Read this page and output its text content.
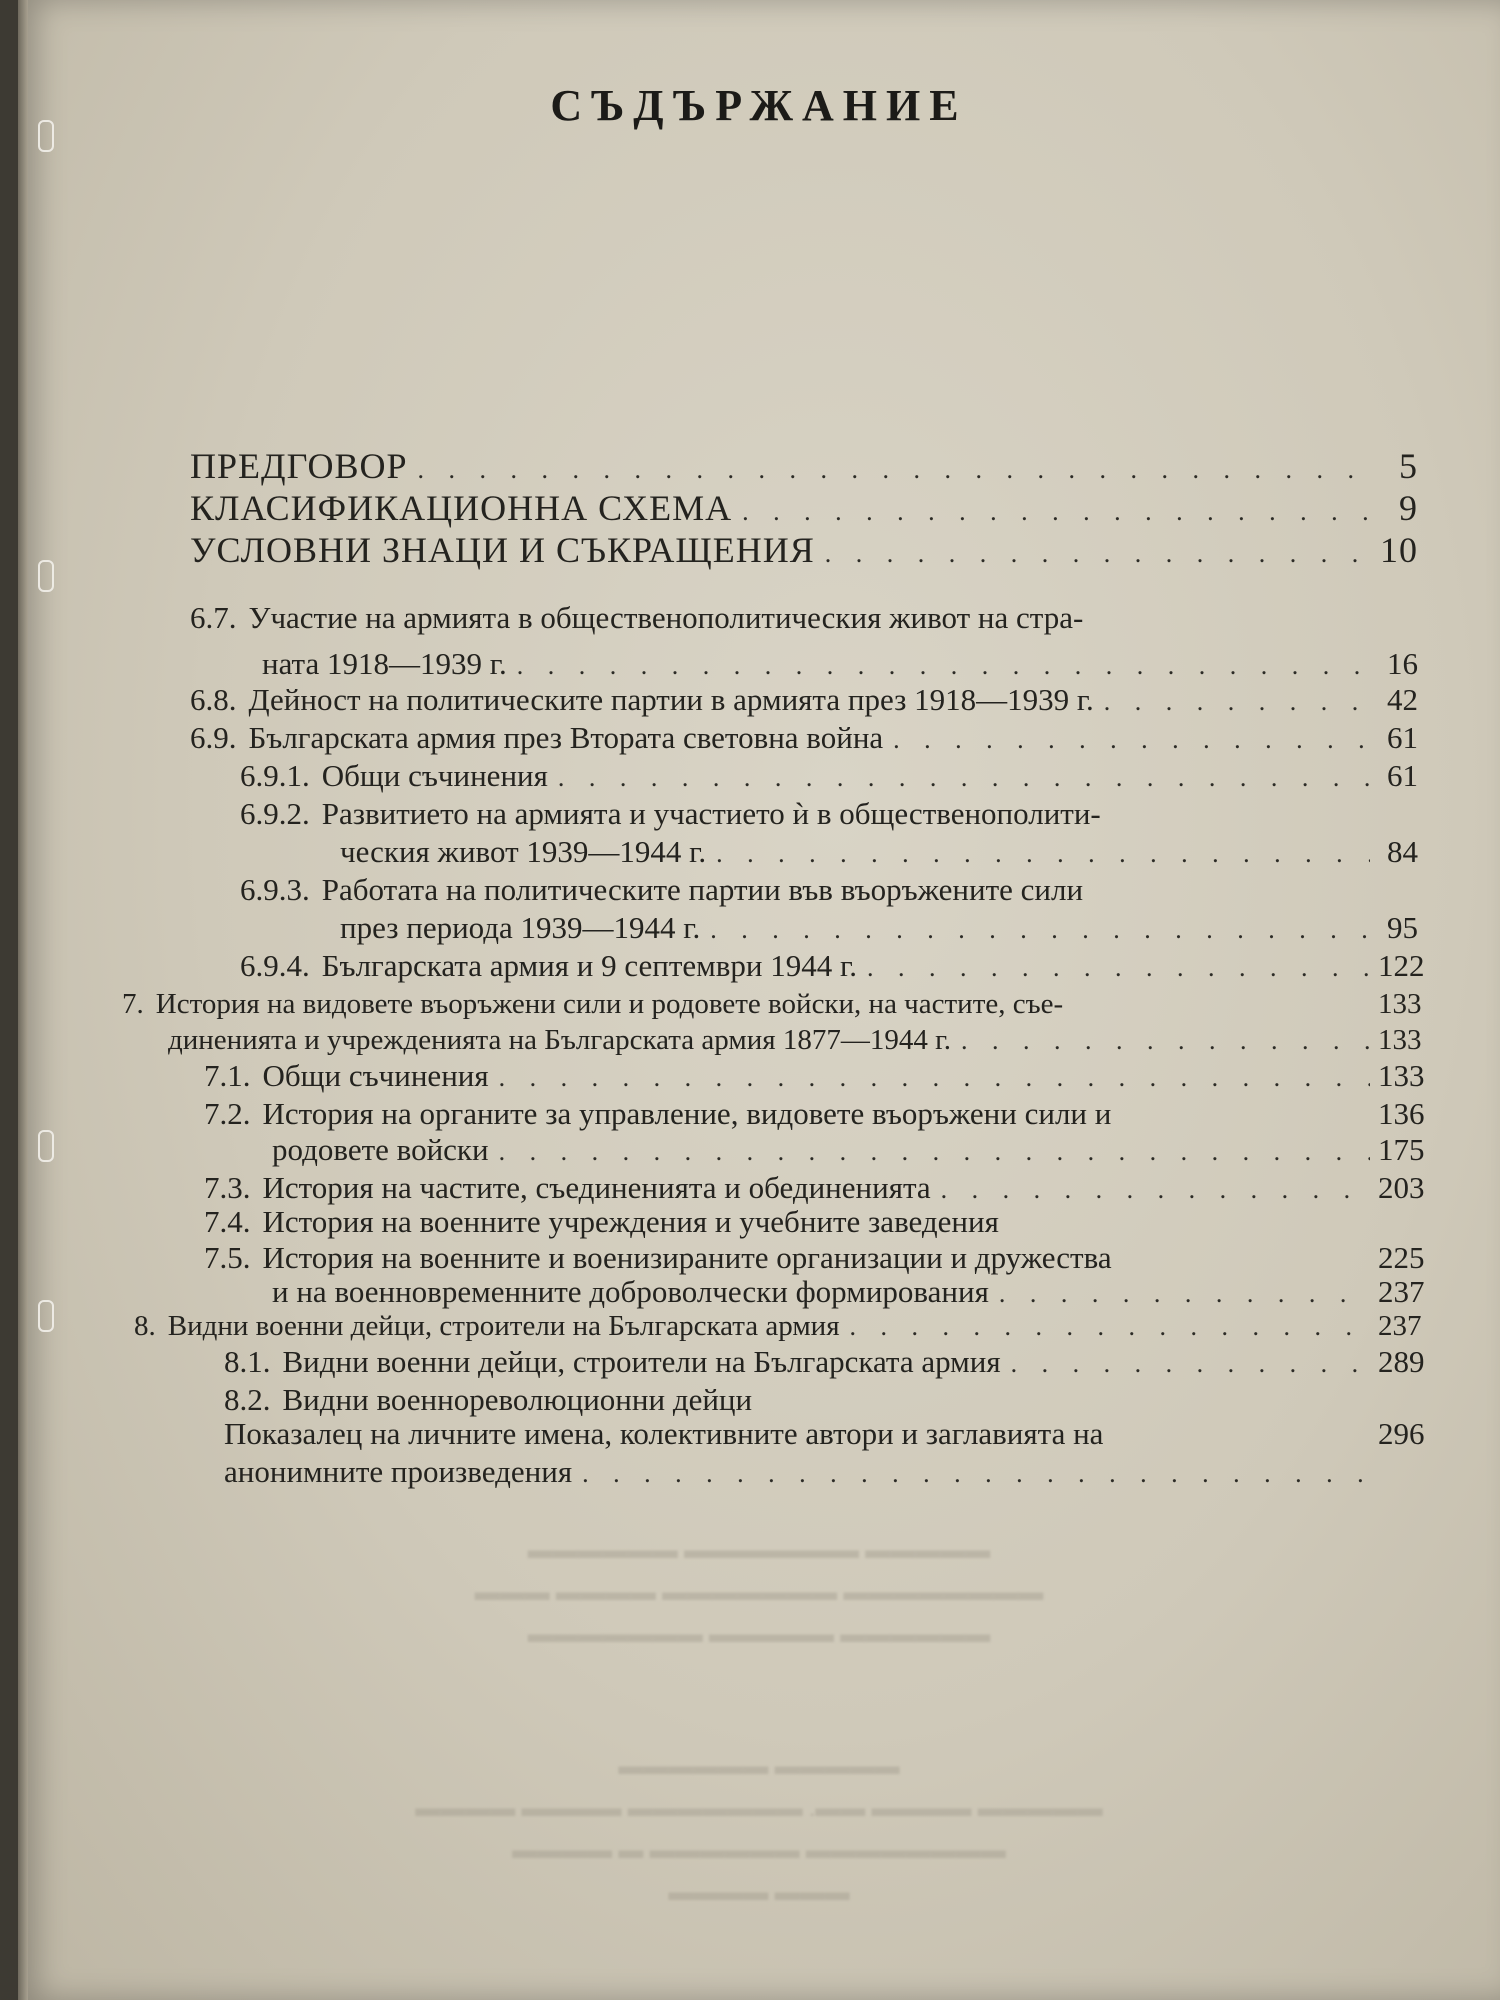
СЪДЪРЖАНИЕ
ПРЕДГОВОР . . .	5
КЛАСИФИКАЦИОННА СХЕМА . . .	9
УСЛОВНИ ЗНАЦИ И СЪКРАЩЕНИЯ . . .	10
6.7. Участие на армията в общественополитическия живот на стра-
ната 1918—1939 г. . . .	16
6.8. Дейност на политическите партии в армията през 1918—1939 г. . . .	42
6.9. Българската армия през Втората световна война . . .	61
6.9.1. Общи съчинения . . .	61
6.9.2. Развитието на армията и участието ѝ в общественополити-
ческия живот 1939—1944 г. . . .	84
6.9.3. Работата на политическите партии във въоръжените сили
през периода 1939—1944 г. . . .	95
6.9.4. Българската армия и 9 септември 1944 г. . . .	122
7. История на видовете въоръжени сили и родовете войски, на частите, съе-	133
диненията и учрежденията на Българската армия 1877—1944 г. . . .	133
7.1. Общи съчинения . . .	133
7.2. История на органите за управление, видовете въоръжени сили и	136
родовете войски . . .	175
7.3. История на частите, съединенията и обединенията . . .	203
7.4. История на военните учреждения и учебните заведения
7.5. История на военните и военизираните организации и дружества	225
и на военновременните доброволчески формирования . . .	237
8. Видни военни дейци, строители на Българската армия . . .	237
8.1. Видни военни дейци, строители на Българската армия . . .	289
8.2. Видни военнореволюционни дейци
Показалец на личните имена, колективните автори и заглавията на	296
анонимните произведения
. . .
▬▬▬▬▬ ▬▬▬▬▬▬▬ ▬▬▬▬▬▬
▬▬▬▬▬▬▬▬ ▬▬▬▬▬▬▬ ▬▬▬▬ ▬▬▬
▬▬▬▬▬▬ ▬▬▬▬▬ ▬▬▬▬▬▬▬
▬▬▬▬▬ ▬▬▬▬▬▬
▬▬▬▬▬ ▬▬▬▬ ▬▬. ▬▬▬▬▬▬▬ ▬▬▬▬ ▬▬▬▬
▬▬▬▬▬▬▬▬ ▬▬▬▬▬▬ ▬ ▬▬▬▬
▬▬▬ ▬▬▬▬
